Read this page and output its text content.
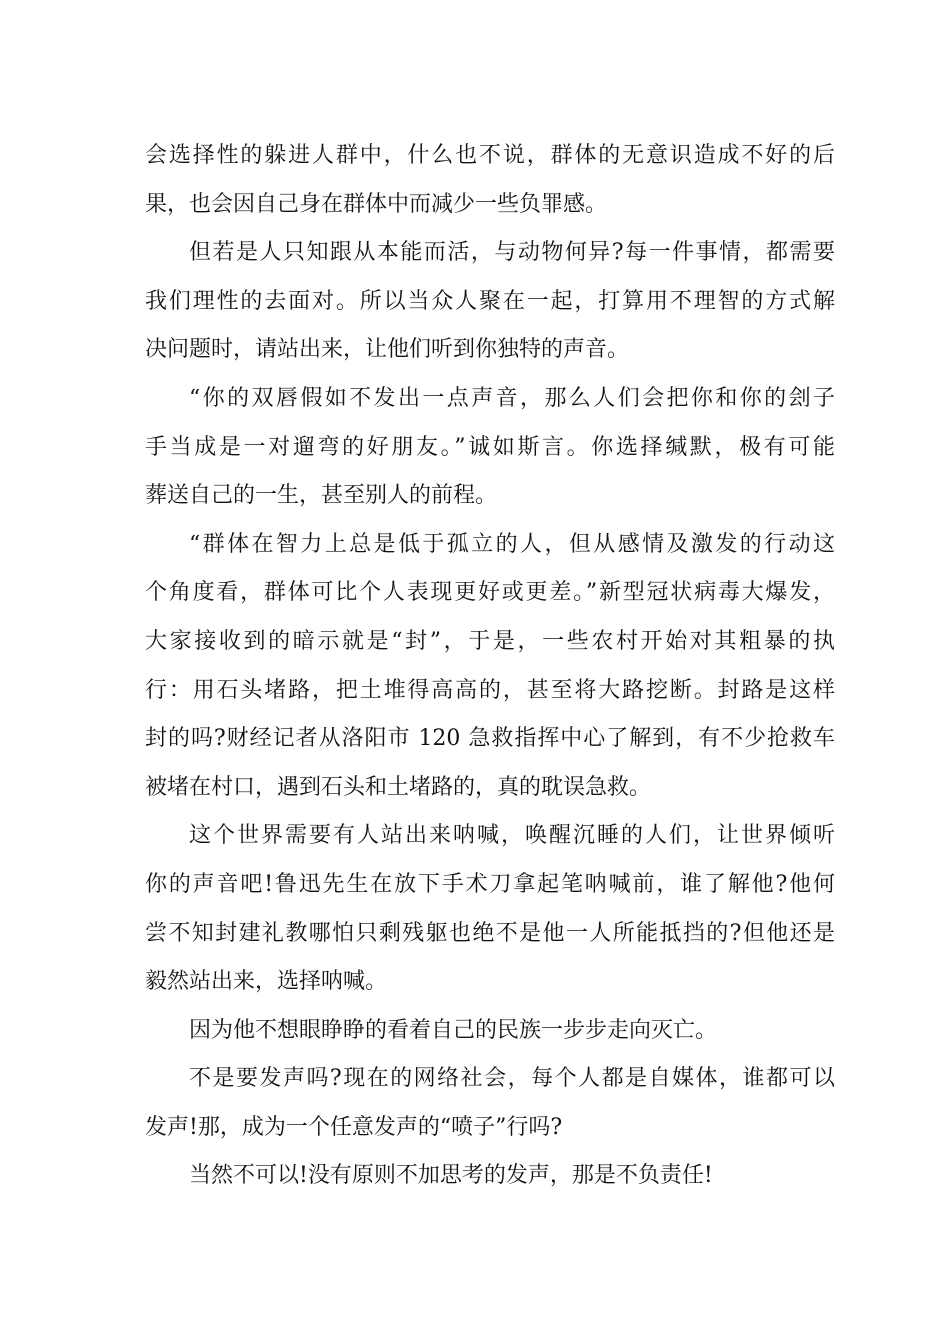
会选择性的躲进人群中，什么也不说，群体的无意识造成不好的后
果，也会因自己身在群体中而减少一些负罪感。
但若是人只知跟从本能而活，与动物何异?每一件事情，都需要
我们理性的去面对。所以当众人聚在一起，打算用不理智的方式解
决问题时，请站出来，让他们听到你独特的声音。
“你的双唇假如不发出一点声音，那么人们会把你和你的刽子
手当成是一对遛弯的好朋友。”诚如斯言。你选择缄默，极有可能
葬送自己的一生，甚至别人的前程。
“群体在智力上总是低于孤立的人，但从感情及激发的行动这
个角度看，群体可比个人表现更好或更差。”新型冠状病毒大爆发，
大家接收到的暗示就是“封”，于是，一些农村开始对其粗暴的执
行：用石头堵路，把土堆得高高的，甚至将大路挖断。封路是这样
封的吗?财经记者从洛阳市 120 急救指挥中心了解到，有不少抢救车
被堵在村口，遇到石头和土堵路的，真的耽误急救。
这个世界需要有人站出来呐喊，唤醒沉睡的人们，让世界倾听
你的声音吧!鲁迅先生在放下手术刀拿起笔呐喊前，谁了解他?他何
尝不知封建礼教哪怕只剩残躯也绝不是他一人所能抵挡的?但他还是
毅然站出来，选择呐喊。
因为他不想眼睁睁的看着自己的民族一步步走向灭亡。
不是要发声吗?现在的网络社会，每个人都是自媒体，谁都可以
发声!那，成为一个任意发声的“喷子”行吗?
当然不可以!没有原则不加思考的发声，那是不负责任!
